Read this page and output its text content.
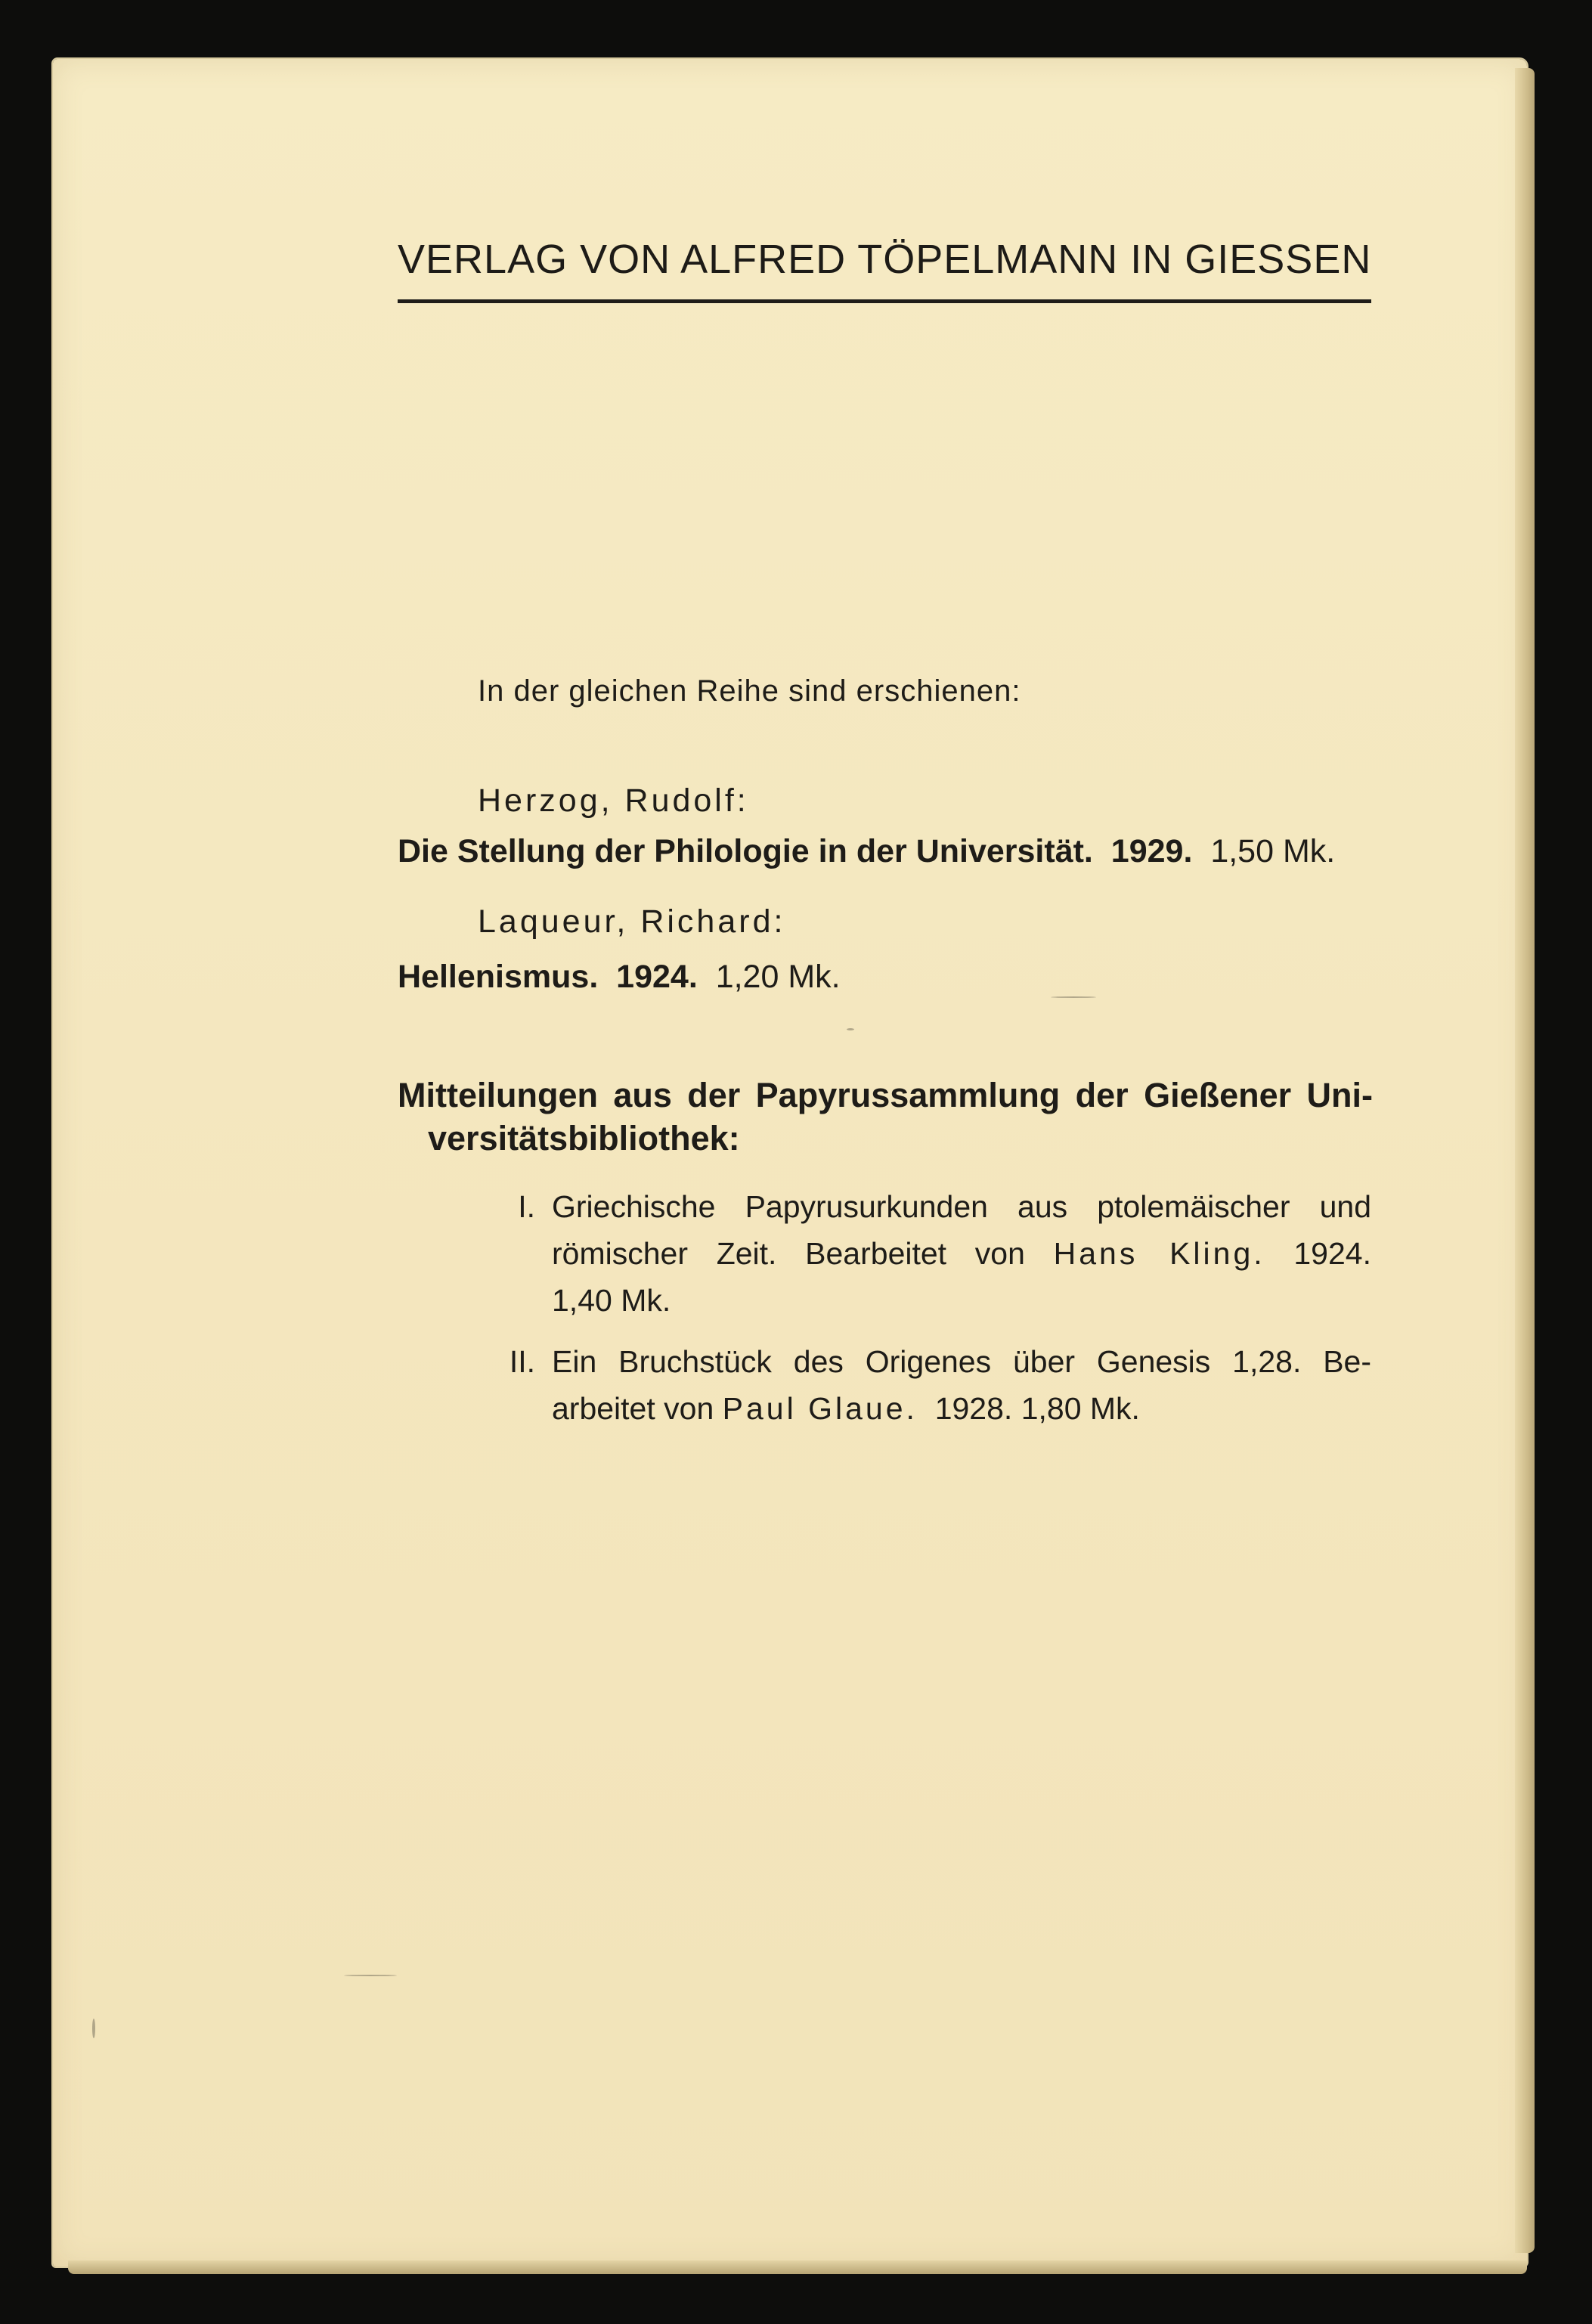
VERLAG VON ALFRED TÖPELMANN IN GIESSEN
In der gleichen Reihe sind erschienen:
Herzog, Rudolf:
Die Stellung der Philologie in der Universität. 1929. 1,50 Mk.
Laqueur, Richard:
Hellenismus. 1924. 1,20 Mk.
Mitteilungen aus der Papyrussammlung der Gießener Uni-
versitätsbibliothek:
I. Griechische Papyrusurkunden aus ptolemäischer und
römischer Zeit. Bearbeitet von Hans Kling. 1924.
1,40 Mk.
II. Ein Bruchstück des Origenes über Genesis 1,28. Be-
arbeitet von Paul Glaue. 1928. 1,80 Mk.
